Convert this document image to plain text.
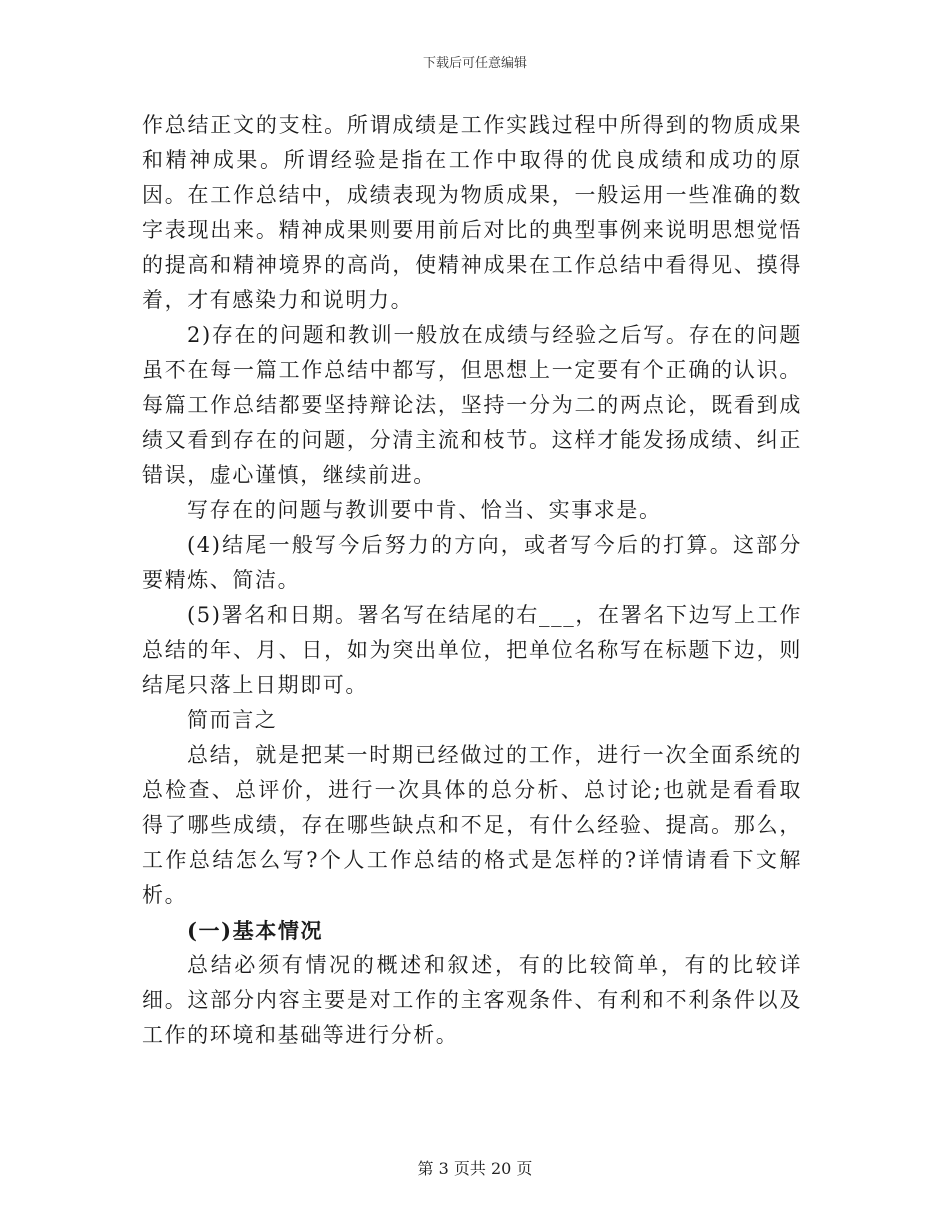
下载后可任意编辑

作总结正文的支柱。所谓成绩是工作实践过程中所得到的物质成果和精神成果。所谓经验是指在工作中取得的优良成绩和成功的原因。在工作总结中，成绩表现为物质成果，一般运用一些准确的数字表现出来。精神成果则要用前后对比的典型事例来说明思想觉悟的提高和精神境界的高尚，使精神成果在工作总结中看得见、摸得着，才有感染力和说明力。

2)存在的问题和教训一般放在成绩与经验之后写。存在的问题虽不在每一篇工作总结中都写，但思想上一定要有个正确的认识。每篇工作总结都要坚持辩论法，坚持一分为二的两点论，既看到成绩又看到存在的问题，分清主流和枝节。这样才能发扬成绩、纠正错误，虚心谨慎，继续前进。

写存在的问题与教训要中肯、恰当、实事求是。

(4)结尾一般写今后努力的方向，或者写今后的打算。这部分要精炼、简洁。

(5)署名和日期。署名写在结尾的右___，在署名下边写上工作总结的年、月、日，如为突出单位，把单位名称写在标题下边，则结尾只落上日期即可。

简而言之

总结，就是把某一时期已经做过的工作，进行一次全面系统的总检查、总评价，进行一次具体的总分析、总讨论;也就是看看取得了哪些成绩，存在哪些缺点和不足，有什么经验、提高。那么，工作总结怎么写?个人工作总结的格式是怎样的?详情请看下文解析。

(一)基本情况

总结必须有情况的概述和叙述，有的比较简单，有的比较详细。这部分内容主要是对工作的主客观条件、有利和不利条件以及工作的环境和基础等进行分析。

第 3 页共 20 页
